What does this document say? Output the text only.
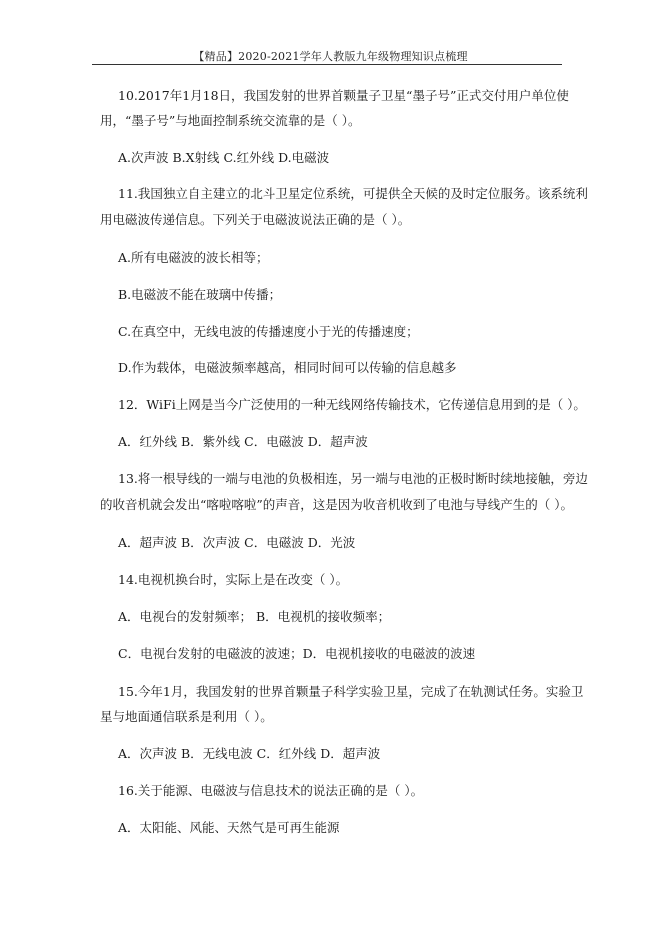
【精品】2020-2021学年人教版九年级物理知识点梳理
10.2017年1月18日，我国发射的世界首颗量子卫星“墨子号”正式交付用户单位使
用，“墨子号”与地面控制系统交流靠的是（ ）。
A.次声波 B.X射线 C.红外线 D.电磁波
11.我国独立自主建立的北斗卫星定位系统，可提供全天候的及时定位服务。该系统利
用电磁波传递信息。下列关于电磁波说法正确的是（ ）。
A.所有电磁波的波长相等；
B.电磁波不能在玻璃中传播；
C.在真空中，无线电波的传播速度小于光的传播速度；
D.作为载体，电磁波频率越高，相同时间可以传输的信息越多
12．WiFi上网是当今广泛使用的一种无线网络传输技术，它传递信息用到的是（ ）。
A．红外线 B．紫外线 C．电磁波 D．超声波
13.将一根导线的一端与电池的负极相连，另一端与电池的正极时断时续地接触，旁边
的收音机就会发出“喀啦喀啦”的声音，这是因为收音机收到了电池与导线产生的（ ）。
A．超声波 B．次声波 C．电磁波 D．光波
14.电视机换台时，实际上是在改变（ ）。
A．电视台的发射频率； B．电视机的接收频率；
C．电视台发射的电磁波的波速；D．电视机接收的电磁波的波速
15.今年1月，我国发射的世界首颗量子科学实验卫星，完成了在轨测试任务。实验卫
星与地面通信联系是利用（ ）。
A．次声波 B．无线电波 C．红外线 D．超声波
16.关于能源、电磁波与信息技术的说法正确的是（ ）。
A．太阳能、风能、天然气是可再生能源
